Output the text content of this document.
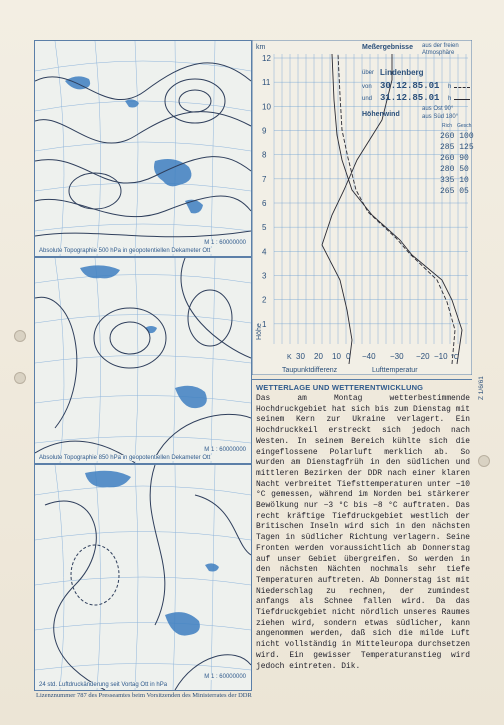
M 1 : 60000000
Absolute Topographie 500 hPa in geopotentiellen Dekameter Ott
M 1 : 60000000
Absolute Topographie 850 hPa in geopotentiellen Dekameter Ott
M 1 : 60000000
24 std. Luftdruckänderung seit Vortag Ott in hPa
12
11
10
9
8
7
6
5
4
3
2
1
km
Höhe
30 20 10 0 −40 −30 −20 −10
K	°C
Taupunktdifferenz	Lufttemperatur
Meßergebnisse aus der freien Atmosphäre
über Lindenberg
von 30.12.85.01 h
und 31.12.85.01 h
Höhenwind
aus Ost 90°
aus Süd 180°
Rich Gesch
260 100
285 125
260 90
280 50
335 10
265 05
WETTERLAGE UND WETTERENTWICKLUNG

Das am Montag wetterbestimmende Hochdruckgebiet hat sich bis zum Dienstag mit seinem Kern zur Ukraine verlagert. Ein Hochdruckkeil erstreckt sich jedoch nach Westen. In seinem Bereich kühlte sich die eingeflossene Polarluft merklich ab. So wurden am Dienstagfrüh in den südlichen und mittleren Bezirken der DDR nach einer klaren Nacht verbreitet Tiefsttemperaturen unter −10 °C gemessen, während im Norden bei stärkerer Bewölkung nur −3 °C bis −8 °C auftraten. Das recht kräftige Tiefdruckgebiet westlich der Britischen Inseln wird sich in den nächsten Tagen in südlicher Richtung verlagern. Seine Fronten werden voraussichtlich ab Donnerstag auf unser Gebiet übergreifen. So werden in den nächsten Nächten nochmals sehr tiefe Temperaturen auftreten. Ab Donnerstag ist mit Niederschlag zu rechnen, der zumindest anfangs als Schnee fallen wird. Da das Tiefdruckgebiet nicht nördlich unseres Raumes ziehen wird, sondern etwas südlicher, kann angenommen werden, daß sich die milde Luft nicht vollständig in Mitteleuropa durchsetzen wird. Ein gewisser Temperaturanstieg wird jedoch eintreten. Dik.

Z 1/6/61
Lizenznummer 787 des Presseamtes beim Vorsitzenden des Ministerrates der DDR
